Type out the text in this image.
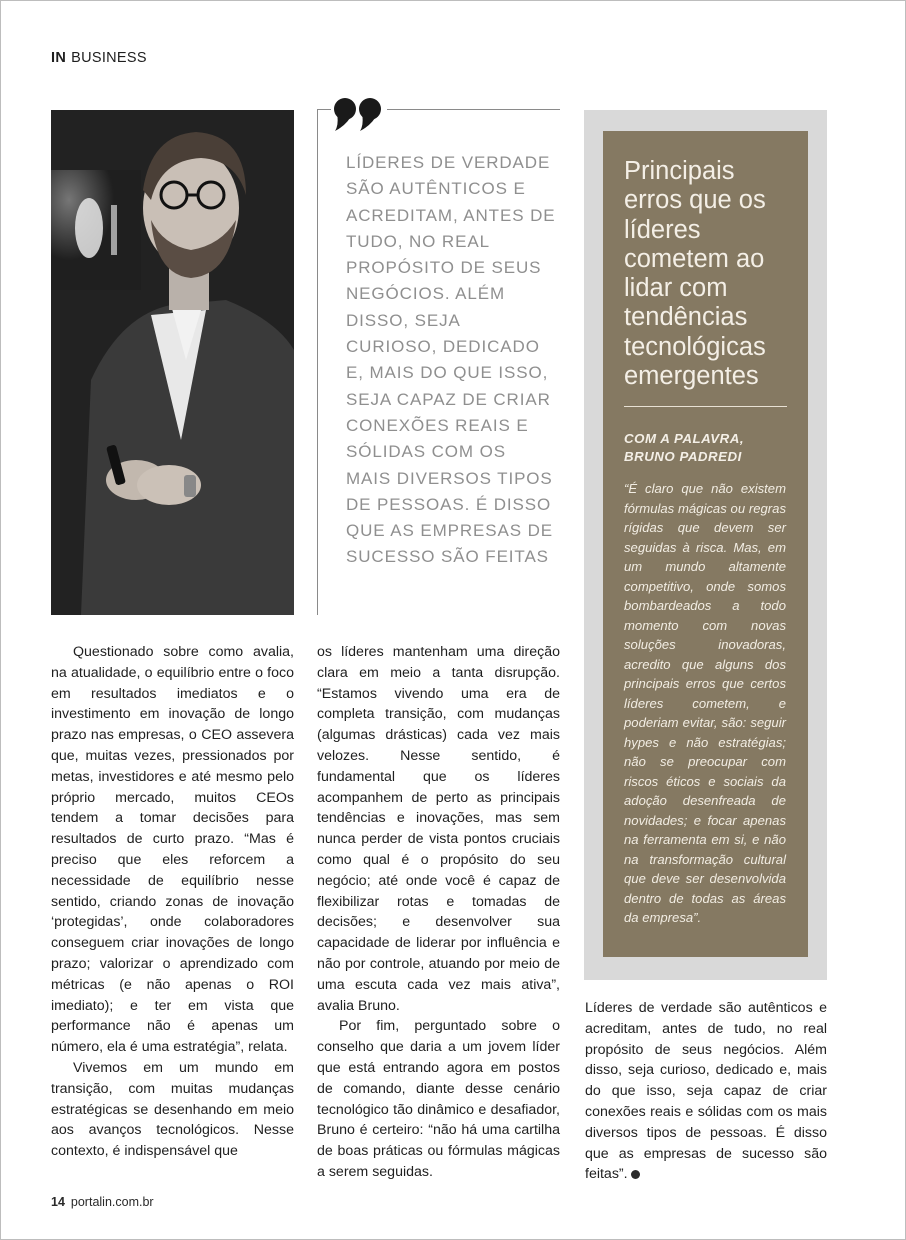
IN BUSINESS
LÍDERES DE VERDADE SÃO AUTÊNTICOS E ACREDITAM, ANTES DE TUDO, NO REAL PROPÓSITO DE SEUS NEGÓCIOS. ALÉM DISSO, SEJA CURIOSO, DEDICADO E, MAIS DO QUE ISSO, SEJA CAPAZ DE CRIAR CONEXÕES REAIS E SÓLIDAS COM OS MAIS DIVERSOS TIPOS DE PESSOAS. É DISSO QUE AS EMPRESAS DE SUCESSO SÃO FEITAS
Principais erros que os líderes cometem ao lidar com tendências tecnológicas emergentes
COM A PALAVRA, BRUNO PADREDI
“É claro que não existem fórmulas mágicas ou regras rígidas que devem ser seguidas à risca. Mas, em um mundo altamente competitivo, onde somos bombardeados a todo momento com novas soluções inovadoras, acredito que alguns dos principais erros que certos líderes cometem, e poderiam evitar, são: seguir hypes e não estratégias; não se preocupar com riscos éticos e sociais da adoção desenfreada de novidades; e focar apenas na ferramenta em si, e não na transformação cultural que deve ser desenvolvida dentro de todas as áreas da empresa”.

Questionado sobre como avalia, na atualidade, o equilíbrio entre o foco em resultados imediatos e o investimento em inovação de longo prazo nas empresas, o CEO assevera que, muitas vezes, pressionados por metas, investidores e até mesmo pelo próprio mercado, muitos CEOs tendem a tomar decisões para resultados de curto prazo. “Mas é preciso que eles reforcem a necessidade de equilíbrio nesse sentido, criando zonas de inovação ‘protegidas’, onde colaboradores conseguem criar inovações de longo prazo; valorizar o aprendizado com métricas (e não apenas o ROI imediato); e ter em vista que performance não é apenas um número, ela é uma estratégia”, relata.

Vivemos em um mundo em transição, com muitas mudanças estratégicas se desenhando em meio aos avanços tecnológicos. Nesse contexto, é indispensável que

os líderes mantenham uma direção clara em meio a tanta disrupção. “Estamos vivendo uma era de completa transição, com mudanças (algumas drásticas) cada vez mais velozes. Nesse sentido, é fundamental que os líderes acompanhem de perto as principais tendências e inovações, mas sem nunca perder de vista pontos cruciais como qual é o propósito do seu negócio; até onde você é capaz de flexibilizar rotas e tomadas de decisões; e desenvolver sua capacidade de liderar por influência e não por controle, atuando por meio de uma escuta cada vez mais ativa”, avalia Bruno.

Por fim, perguntado sobre o conselho que daria a um jovem líder que está entrando agora em postos de comando, diante desse cenário tecnológico tão dinâmico e desafiador, Bruno é certeiro: “não há uma cartilha de boas práticas ou fórmulas mágicas a serem seguidas.

Líderes de verdade são autênticos e acreditam, antes de tudo, no real propósito de seus negócios. Além disso, seja curioso, dedicado e, mais do que isso, seja capaz de criar conexões reais e sólidas com os mais diversos tipos de pessoas. É disso que as empresas de sucesso são feitas”.

14 portalin.com.br
